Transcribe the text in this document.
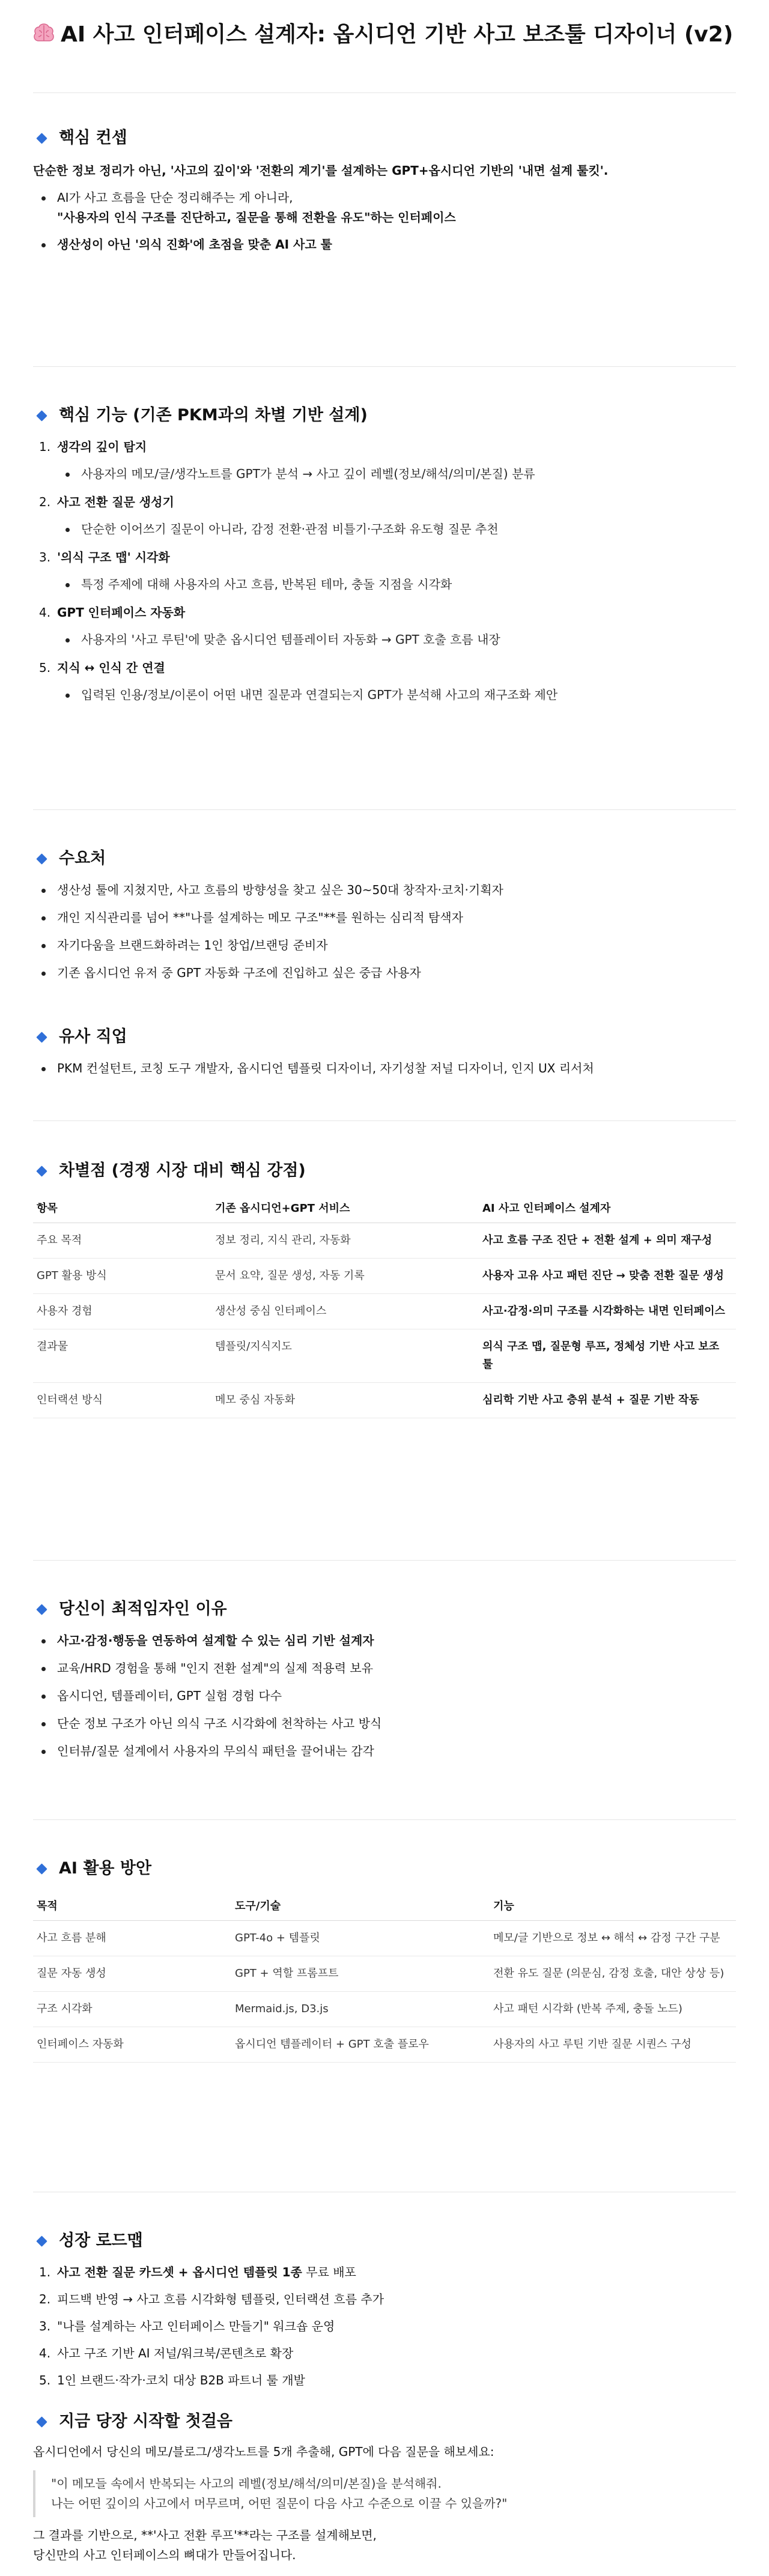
AI 사고 인터페이스 설계자: 옵시디언 기반 사고 보조툴 디자이너 (v2)
핵심 컨셉

단순한 정보 정리가 아닌, '사고의 깊이'와 '전환의 계기'를 설계하는 GPT+옵시디언 기반의 '내면 설계 툴킷'.

AI가 사고 흐름을 단순 정리해주는 게 아니라,
"사용자의 인식 구조를 진단하고, 질문을 통해 전환을 유도"하는 인터페이스
생산성이 아닌 '의식 진화'에 초점을 맞춘 AI 사고 툴
핵심 기능 (기존 PKM과의 차별 기반 설계)
1. 생각의 깊이 탐지
사용자의 메모/글/생각노트를 GPT가 분석 → 사고 깊이 레벨(정보/해석/의미/본질) 분류
2. 사고 전환 질문 생성기
단순한 이어쓰기 질문이 아니라, 감정 전환·관점 비틀기·구조화 유도형 질문 추천
3. '의식 구조 맵' 시각화
특정 주제에 대해 사용자의 사고 흐름, 반복된 테마, 충돌 지점을 시각화
4. GPT 인터페이스 자동화
사용자의 '사고 루틴'에 맞춘 옵시디언 템플레이터 자동화 → GPT 호출 흐름 내장
5. 지식 ↔ 인식 간 연결
입력된 인용/정보/이론이 어떤 내면 질문과 연결되는지 GPT가 분석해 사고의 재구조화 제안
수요처
생산성 툴에 지쳤지만, 사고 흐름의 방향성을 찾고 싶은 30~50대 창작자·코치·기획자
개인 지식관리를 넘어 **"나를 설계하는 메모 구조"**를 원하는 심리적 탐색자
자기다움을 브랜드화하려는 1인 창업/브랜딩 준비자
기존 옵시디언 유저 중 GPT 자동화 구조에 진입하고 싶은 중급 사용자
유사 직업
PKM 컨설턴트, 코칭 도구 개발자, 옵시디언 템플릿 디자이너, 자기성찰 저널 디자이너, 인지 UX 리서처
차별점 (경쟁 시장 대비 핵심 강점)
항목	기존 옵시디언+GPT 서비스	AI 사고 인터페이스 설계자
주요 목적	정보 정리, 지식 관리, 자동화	사고 흐름 구조 진단 + 전환 설계 + 의미 재구성
GPT 활용 방식	문서 요약, 질문 생성, 자동 기록	사용자 고유 사고 패턴 진단 → 맞춤 전환 질문 생성
사용자 경험	생산성 중심 인터페이스	사고·감정·의미 구조를 시각화하는 내면 인터페이스
결과물	템플릿/지식지도	의식 구조 맵, 질문형 루프, 정체성 기반 사고 보조 툴
인터랙션 방식	메모 중심 자동화	심리학 기반 사고 층위 분석 + 질문 기반 작동
당신이 최적임자인 이유
사고·감정·행동을 연동하여 설계할 수 있는 심리 기반 설계자
교육/HRD 경험을 통해 "인지 전환 설계"의 실제 적용력 보유
옵시디언, 템플레이터, GPT 실험 경험 다수
단순 정보 구조가 아닌 의식 구조 시각화에 천착하는 사고 방식
인터뷰/질문 설계에서 사용자의 무의식 패턴을 끌어내는 감각
AI 활용 방안
목적	도구/기술	기능
사고 흐름 분해	GPT-4o + 템플릿	메모/글 기반으로 정보 ↔ 해석 ↔ 감정 구간 구분
질문 자동 생성	GPT + 역할 프롬프트	전환 유도 질문 (의문심, 감정 호출, 대안 상상 등)
구조 시각화	Mermaid.js, D3.js	사고 패턴 시각화 (반복 주제, 충돌 노드)
인터페이스 자동화	옵시디언 템플레이터 + GPT 호출 플로우	사용자의 사고 루틴 기반 질문 시퀀스 구성
성장 로드맵
1. 사고 전환 질문 카드셋 + 옵시디언 템플릿 1종 무료 배포
2. 피드백 반영 → 사고 흐름 시각화형 템플릿, 인터랙션 흐름 추가
3. "나를 설계하는 사고 인터페이스 만들기" 워크숍 운영
4. 사고 구조 기반 AI 저널/워크북/콘텐츠로 확장
5. 1인 브랜드·작가·코치 대상 B2B 파트너 툴 개발
지금 당장 시작할 첫걸음

옵시디언에서 당신의 메모/블로그/생각노트를 5개 추출해, GPT에 다음 질문을 해보세요:

"이 메모들 속에서 반복되는 사고의 레벨(정보/해석/의미/본질)을 분석해줘.
나는 어떤 깊이의 사고에서 머무르며, 어떤 질문이 다음 사고 수준으로 이끌 수 있을까?"

그 결과를 기반으로, **'사고 전환 루프'**라는 구조를 설계해보면,
당신만의 사고 인터페이스의 뼈대가 만들어집니다.
